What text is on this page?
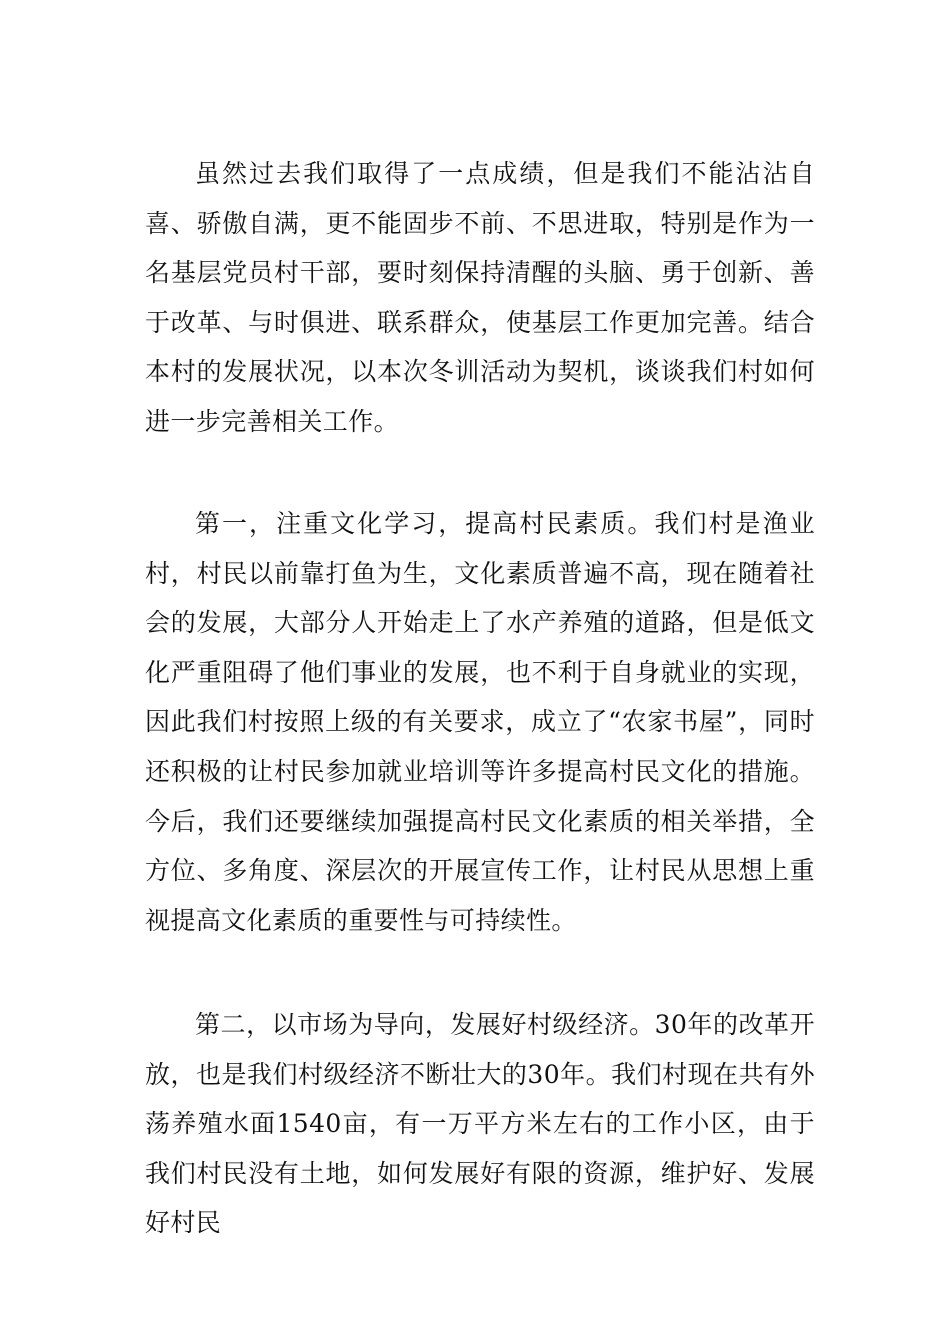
虽然过去我们取得了一点成绩，但是我们不能沾沾自喜、骄傲自满，更不能固步不前、不思进取，特别是作为一名基层党员村干部，要时刻保持清醒的头脑、勇于创新、善于改革、与时俱进、联系群众，使基层工作更加完善。结合本村的发展状况，以本次冬训活动为契机，谈谈我们村如何进一步完善相关工作。

第一，注重文化学习，提高村民素质。我们村是渔业村，村民以前靠打鱼为生，文化素质普遍不高，现在随着社会的发展，大部分人开始走上了水产养殖的道路，但是低文化严重阻碍了他们事业的发展，也不利于自身就业的实现，因此我们村按照上级的有关要求，成立了“农家书屋”，同时还积极的让村民参加就业培训等许多提高村民文化的措施。今后，我们还要继续加强提高村民文化素质的相关举措，全方位、多角度、深层次的开展宣传工作，让村民从思想上重视提高文化素质的重要性与可持续性。

第二，以市场为导向，发展好村级经济。30年的改革开放，也是我们村级经济不断壮大的30年。我们村现在共有外荡养殖水面1540亩，有一万平方米左右的工作小区，由于我们村民没有土地，如何发展好有限的资源，维护好、发展好村民
